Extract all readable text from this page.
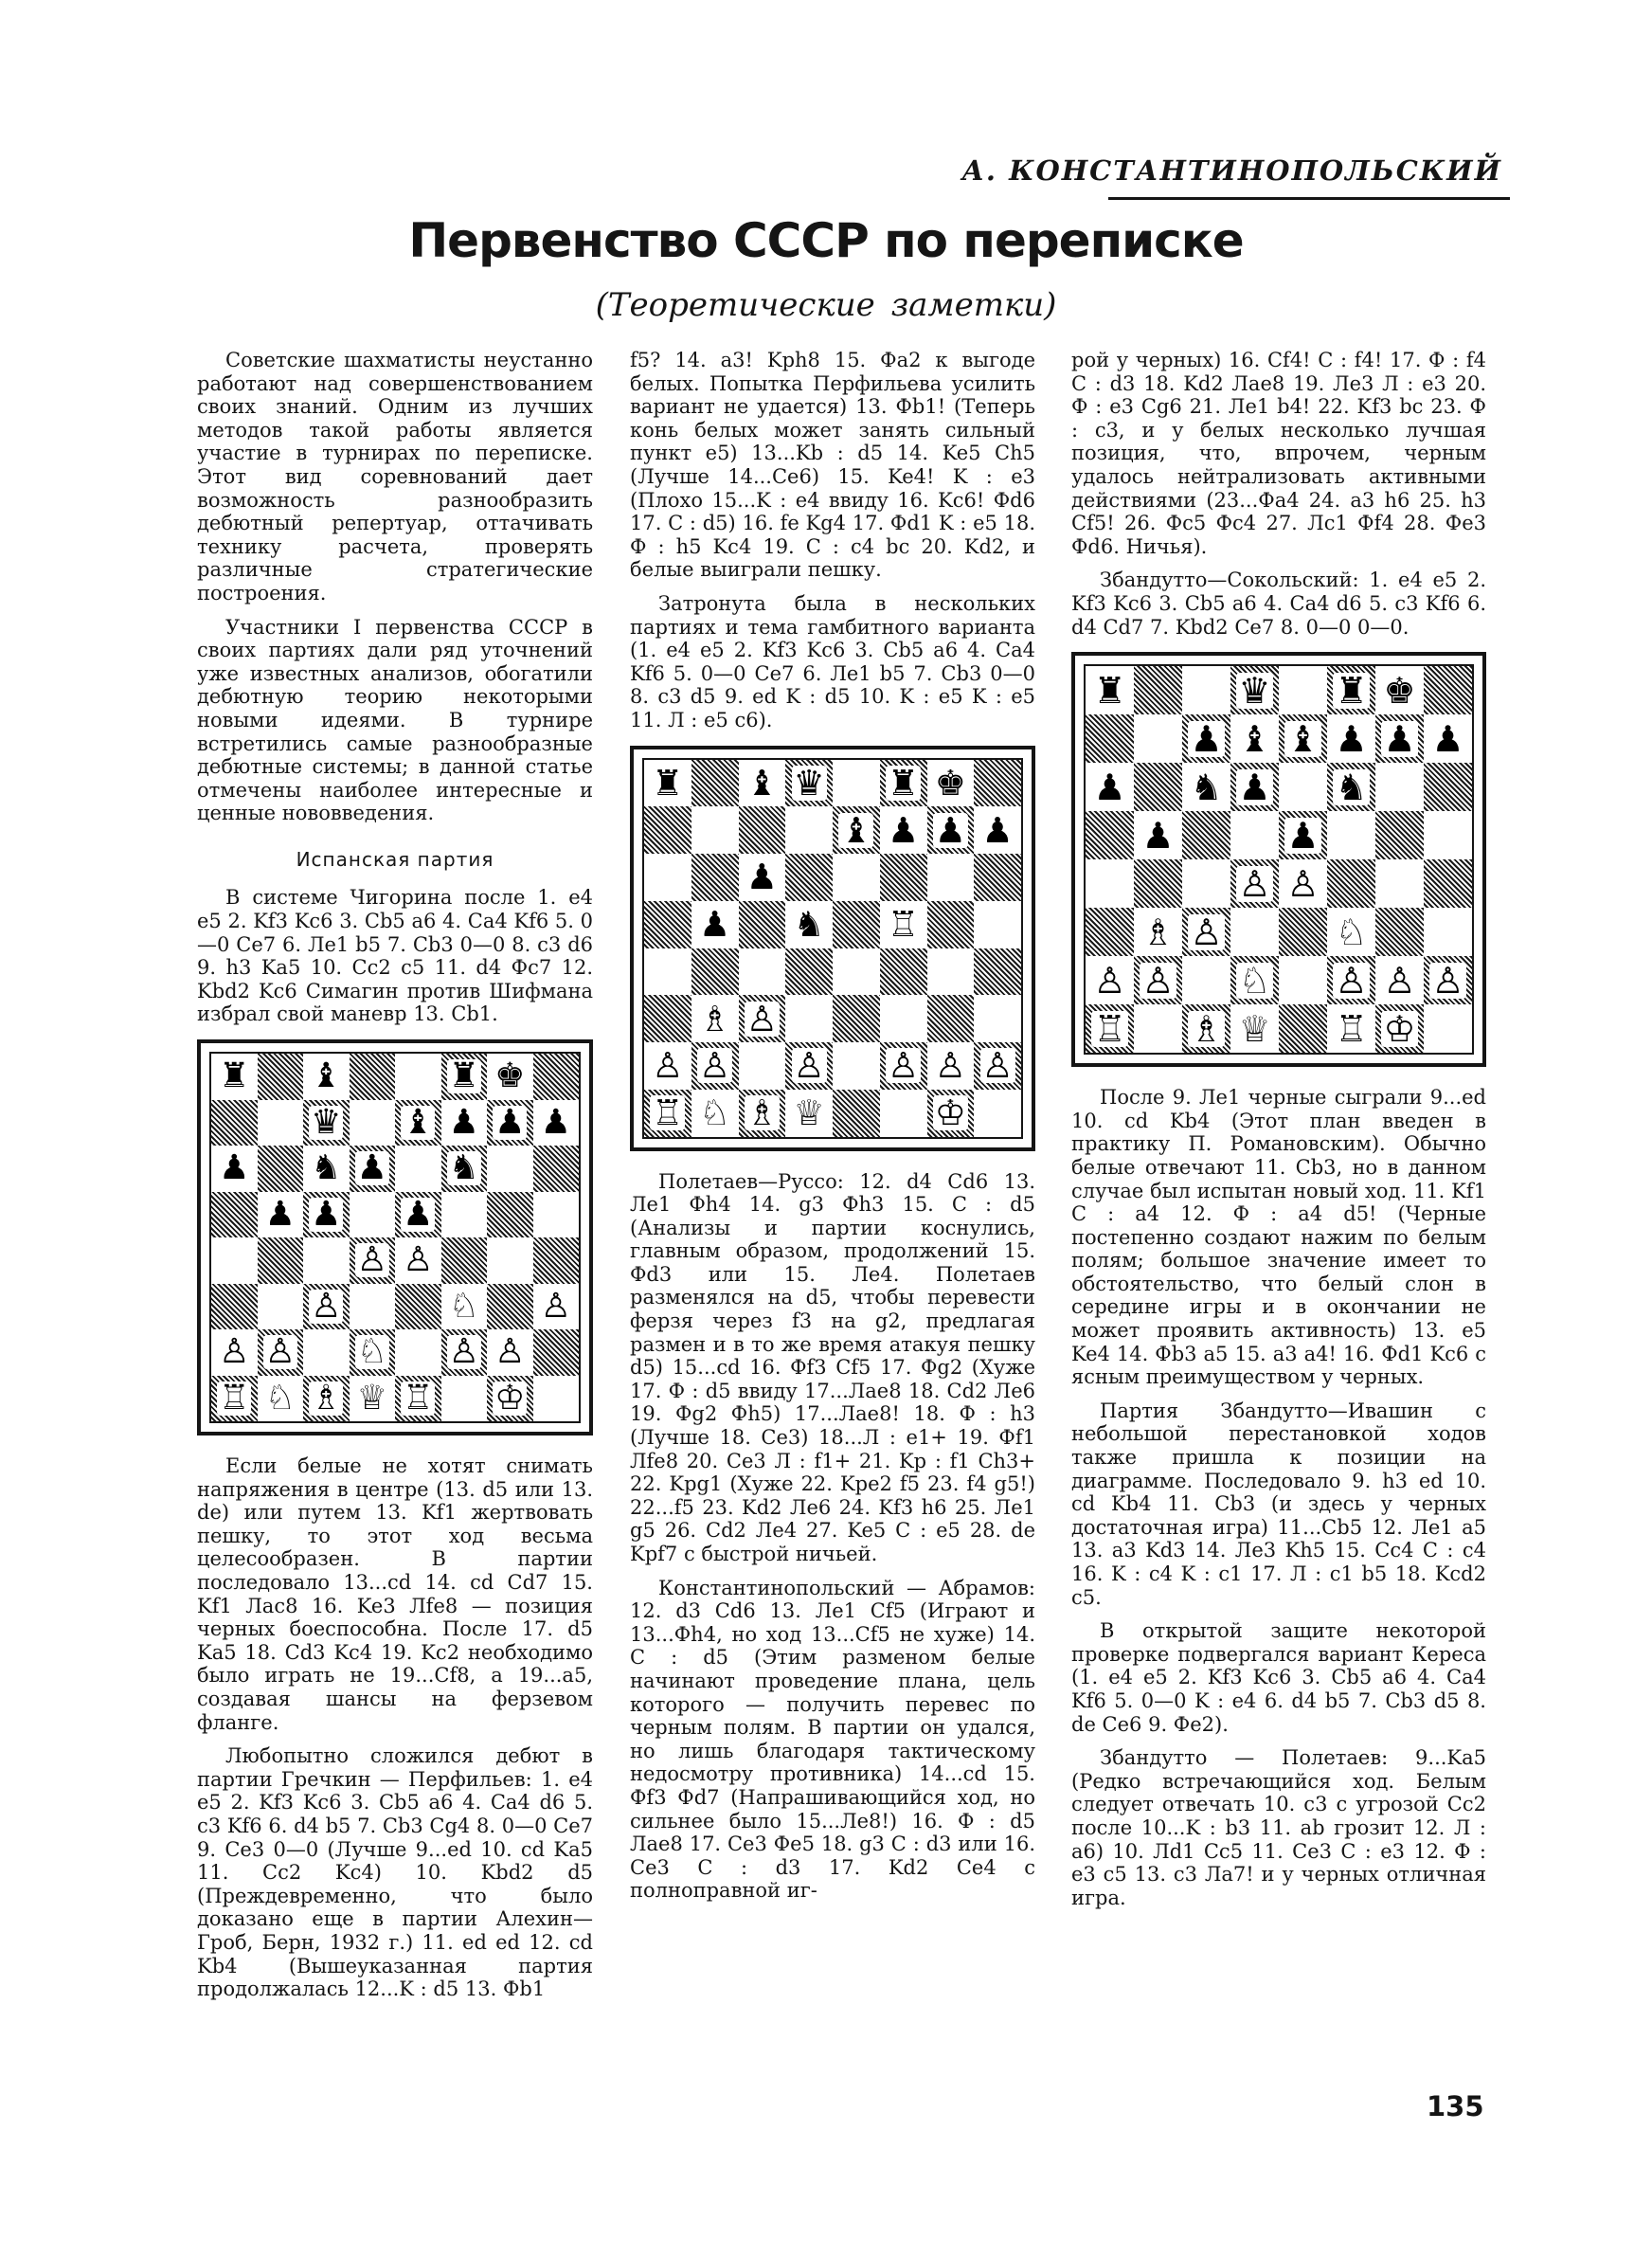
А. КОНСТАНТИНОПОЛЬСКИЙ
Первенство СССР по переписке
(Теоретические заметки)

Советские шахматисты неустанно работают над совершенствованием своих знаний. Одним из лучших методов такой работы является участие в турнирах по переписке. Этот вид соревнований дает возможность разнообразить дебютный репертуар, оттачивать технику расчета, проверять различные стратегические построения.

Участники I первенства СССР в своих партиях дали ряд уточнений уже известных анализов, обогатили дебютную теорию некоторыми новыми идеями. В турнире встретились самые разнообразные дебютные системы; в данной статье отмечены наиболее интересные и ценные нововведения.

Испанская партия

В системе Чигорина после 1. e4 e5 2. Kf3 Kc6 3. Cb5 a6 4. Ca4 Kf6 5. 0—0 Ce7 6. Лe1 b5 7. Cb3 0—0 8. c3 d6 9. h3 Ka5 10. Cc2 c5 11. d4 Фc7 12. Kbd2 Kc6 Симагин против Шифмана избрал свой маневр 13. Cb1.

♜ ♝	♜ ♚
♛ ♝ ♟ ♟ ♟
♟ ♞ ♟ ♞
♟ ♟ ♟
♙ ♙
♙	♘ ♙
♙ ♙ ♘ ♙ ♙
♖ ♘ ♗ ♕ ♖ ♔

Если белые не хотят снимать напряжения в центре (13. d5 или 13. de) или путем 13. Kf1 жертвовать пешку, то этот ход весьма целесообразен. В партии последовало 13...cd 14. cd Cd7 15. Kf1 Лac8 16. Ke3 Лfe8 — позиция черных боеспособна. После 17. d5 Ka5 18. Cd3 Kc4 19. Kc2 необходимо было играть не 19...Cf8, а 19...a5, создавая шансы на ферзевом фланге.

Любопытно сложился дебют в партии Гречкин — Перфильев: 1. e4 e5 2. Kf3 Kc6 3. Cb5 a6 4. Ca4 d6 5. c3 Kf6 6. d4 b5 7. Cb3 Cg4 8. 0—0 Ce7 9. Ce3 0—0 (Лучше 9...ed 10. cd Ka5 11. Cc2 Kc4) 10. Kbd2 d5 (Преждевременно, что было доказано еще в партии Алехин—Гроб, Берн, 1932 г.) 11. ed ed 12. cd Kb4 (Вышеуказанная партия продолжалась 12...K : d5 13. Фb1

f5? 14. a3! Kph8 15. Фa2 к выгоде белых. Попытка Перфильева усилить вариант не удается) 13. Фb1! (Теперь конь белых может занять сильный пункт e5) 13...Kb : d5 14. Ke5 Ch5 (Лучше 14...Ce6) 15. Ke4! K : e3 (Плохо 15...K : e4 ввиду 16. Kc6! Фd6 17. C : d5) 16. fe Kg4 17. Фd1 K : e5 18. Ф : h5 Kc4 19. C : c4 bc 20. Kd2, и белые выиграли пешку.

Затронута была в нескольких партиях и тема гамбитного варианта (1. e4 e5 2. Kf3 Kc6 3. Cb5 a6 4. Ca4 Kf6 5. 0—0 Ce7 6. Лe1 b5 7. Cb3 0—0 8. c3 d5 9. ed K : d5 10. K : e5 K : e5 11. Л : e5 c6).

♜ ♝ ♛ ♜ ♚
♝ ♟ ♟ ♟
♟
♟ ♞ ♖
♗ ♙
♙ ♙ ♙ ♙ ♙ ♙
♖ ♘ ♗ ♕	♔

Полетаев—Руссо: 12. d4 Cd6 13. Лe1 Фh4 14. g3 Фh3 15. C : d5 (Анализы и партии коснулись, главным образом, продолжений 15. Фd3 или 15. Лe4. Полетаев разменялся на d5, чтобы перевести ферзя через f3 на g2, предлагая размен и в то же время атакуя пешку d5) 15...cd 16. Фf3 Cf5 17. Фg2 (Хуже 17. Ф : d5 ввиду 17...Лae8 18. Cd2 Лe6 19. Фg2 Фh5) 17...Лae8! 18. Ф : h3 (Лучше 18. Ce3) 18...Л : e1+ 19. Фf1 Лfe8 20. Ce3 Л : f1+ 21. Kp : f1 Ch3+ 22. Kpg1 (Хуже 22. Kpe2 f5 23. f4 g5!) 22...f5 23. Kd2 Лe6 24. Kf3 h6 25. Лe1 g5 26. Cd2 Лe4 27. Ke5 C : e5 28. de Kpf7 с быстрой ничьей.

Константинопольский — Абрамов: 12. d3 Cd6 13. Лe1 Cf5 (Играют и 13...Фh4, но ход 13...Cf5 не хуже) 14. C : d5 (Этим разменом белые начинают проведение плана, цель которого — получить перевес по черным полям. В партии он удался, но лишь благодаря тактическому недосмотру противника) 14...cd 15. Фf3 Фd7 (Напрашивающийся ход, но сильнее было 15...Лe8!) 16. Ф : d5 Лae8 17. Ce3 Фe5 18. g3 C : d3 или 16. Ce3 C : d3 17. Kd2 Ce4 с полноправной иг-

рой у черных) 16. Cf4! C : f4! 17. Ф : f4 C : d3 18. Kd2 Лae8 19. Лe3 Л : e3 20. Ф : e3 Cg6 21. Лe1 b4! 22. Kf3 bc 23. Ф : c3, и у белых несколько лучшая позиция, что, впрочем, черным удалось нейтрализовать активными действиями (23...Фa4 24. a3 h6 25. h3 Cf5! 26. Фc5 Фc4 27. Лc1 Фf4 28. Фe3 Фd6. Ничья).

Збандутто—Сокольский: 1. e4 e5 2. Kf3 Kc6 3. Cb5 a6 4. Ca4 d6 5. c3 Kf6 6. d4 Cd7 7. Kbd2 Ce7 8. 0—0 0—0.

♜	♛ ♜ ♚
♟ ♝ ♝ ♟ ♟ ♟
♟ ♞ ♟ ♞
♟	♟
♙ ♙
♗ ♙	♘
♙ ♙ ♘ ♙ ♙ ♙
♖ ♗ ♕ ♖ ♔

После 9. Лe1 черные сыграли 9...ed 10. cd Kb4 (Этот план введен в практику П. Романовским). Обычно белые отвечают 11. Cb3, но в данном случае был испытан новый ход. 11. Kf1 C : a4 12. Ф : a4 d5! (Черные постепенно создают нажим по белым полям; большое значение имеет то обстоятельство, что белый слон в середине игры и в окончании не может проявить активность) 13. e5 Ke4 14. Фb3 a5 15. a3 a4! 16. Фd1 Kc6 с ясным преимуществом у черных.

Партия Збандутто—Ивашин с небольшой перестановкой ходов также пришла к позиции на диаграмме. Последовало 9. h3 ed 10. cd Kb4 11. Cb3 (и здесь у черных достаточная игра) 11...Cb5 12. Лe1 a5 13. a3 Kd3 14. Лe3 Kh5 15. Cc4 C : c4 16. K : c4 K : c1 17. Л : c1 b5 18. Kcd2 c5.

В открытой защите некоторой проверке подвергался вариант Кереса (1. e4 e5 2. Kf3 Kc6 3. Cb5 a6 4. Ca4 Kf6 5. 0—0 K : e4 6. d4 b5 7. Cb3 d5 8. de Ce6 9. Фe2).

Збандутто — Полетаев: 9...Ka5 (Редко встречающийся ход. Белым следует отвечать 10. c3 с угрозой Cc2 после 10...K : b3 11. ab грозит 12. Л : a6) 10. Лd1 Cc5 11. Ce3 C : e3 12. Ф : e3 c5 13. c3 Лa7! и у черных отличная игра.

135
